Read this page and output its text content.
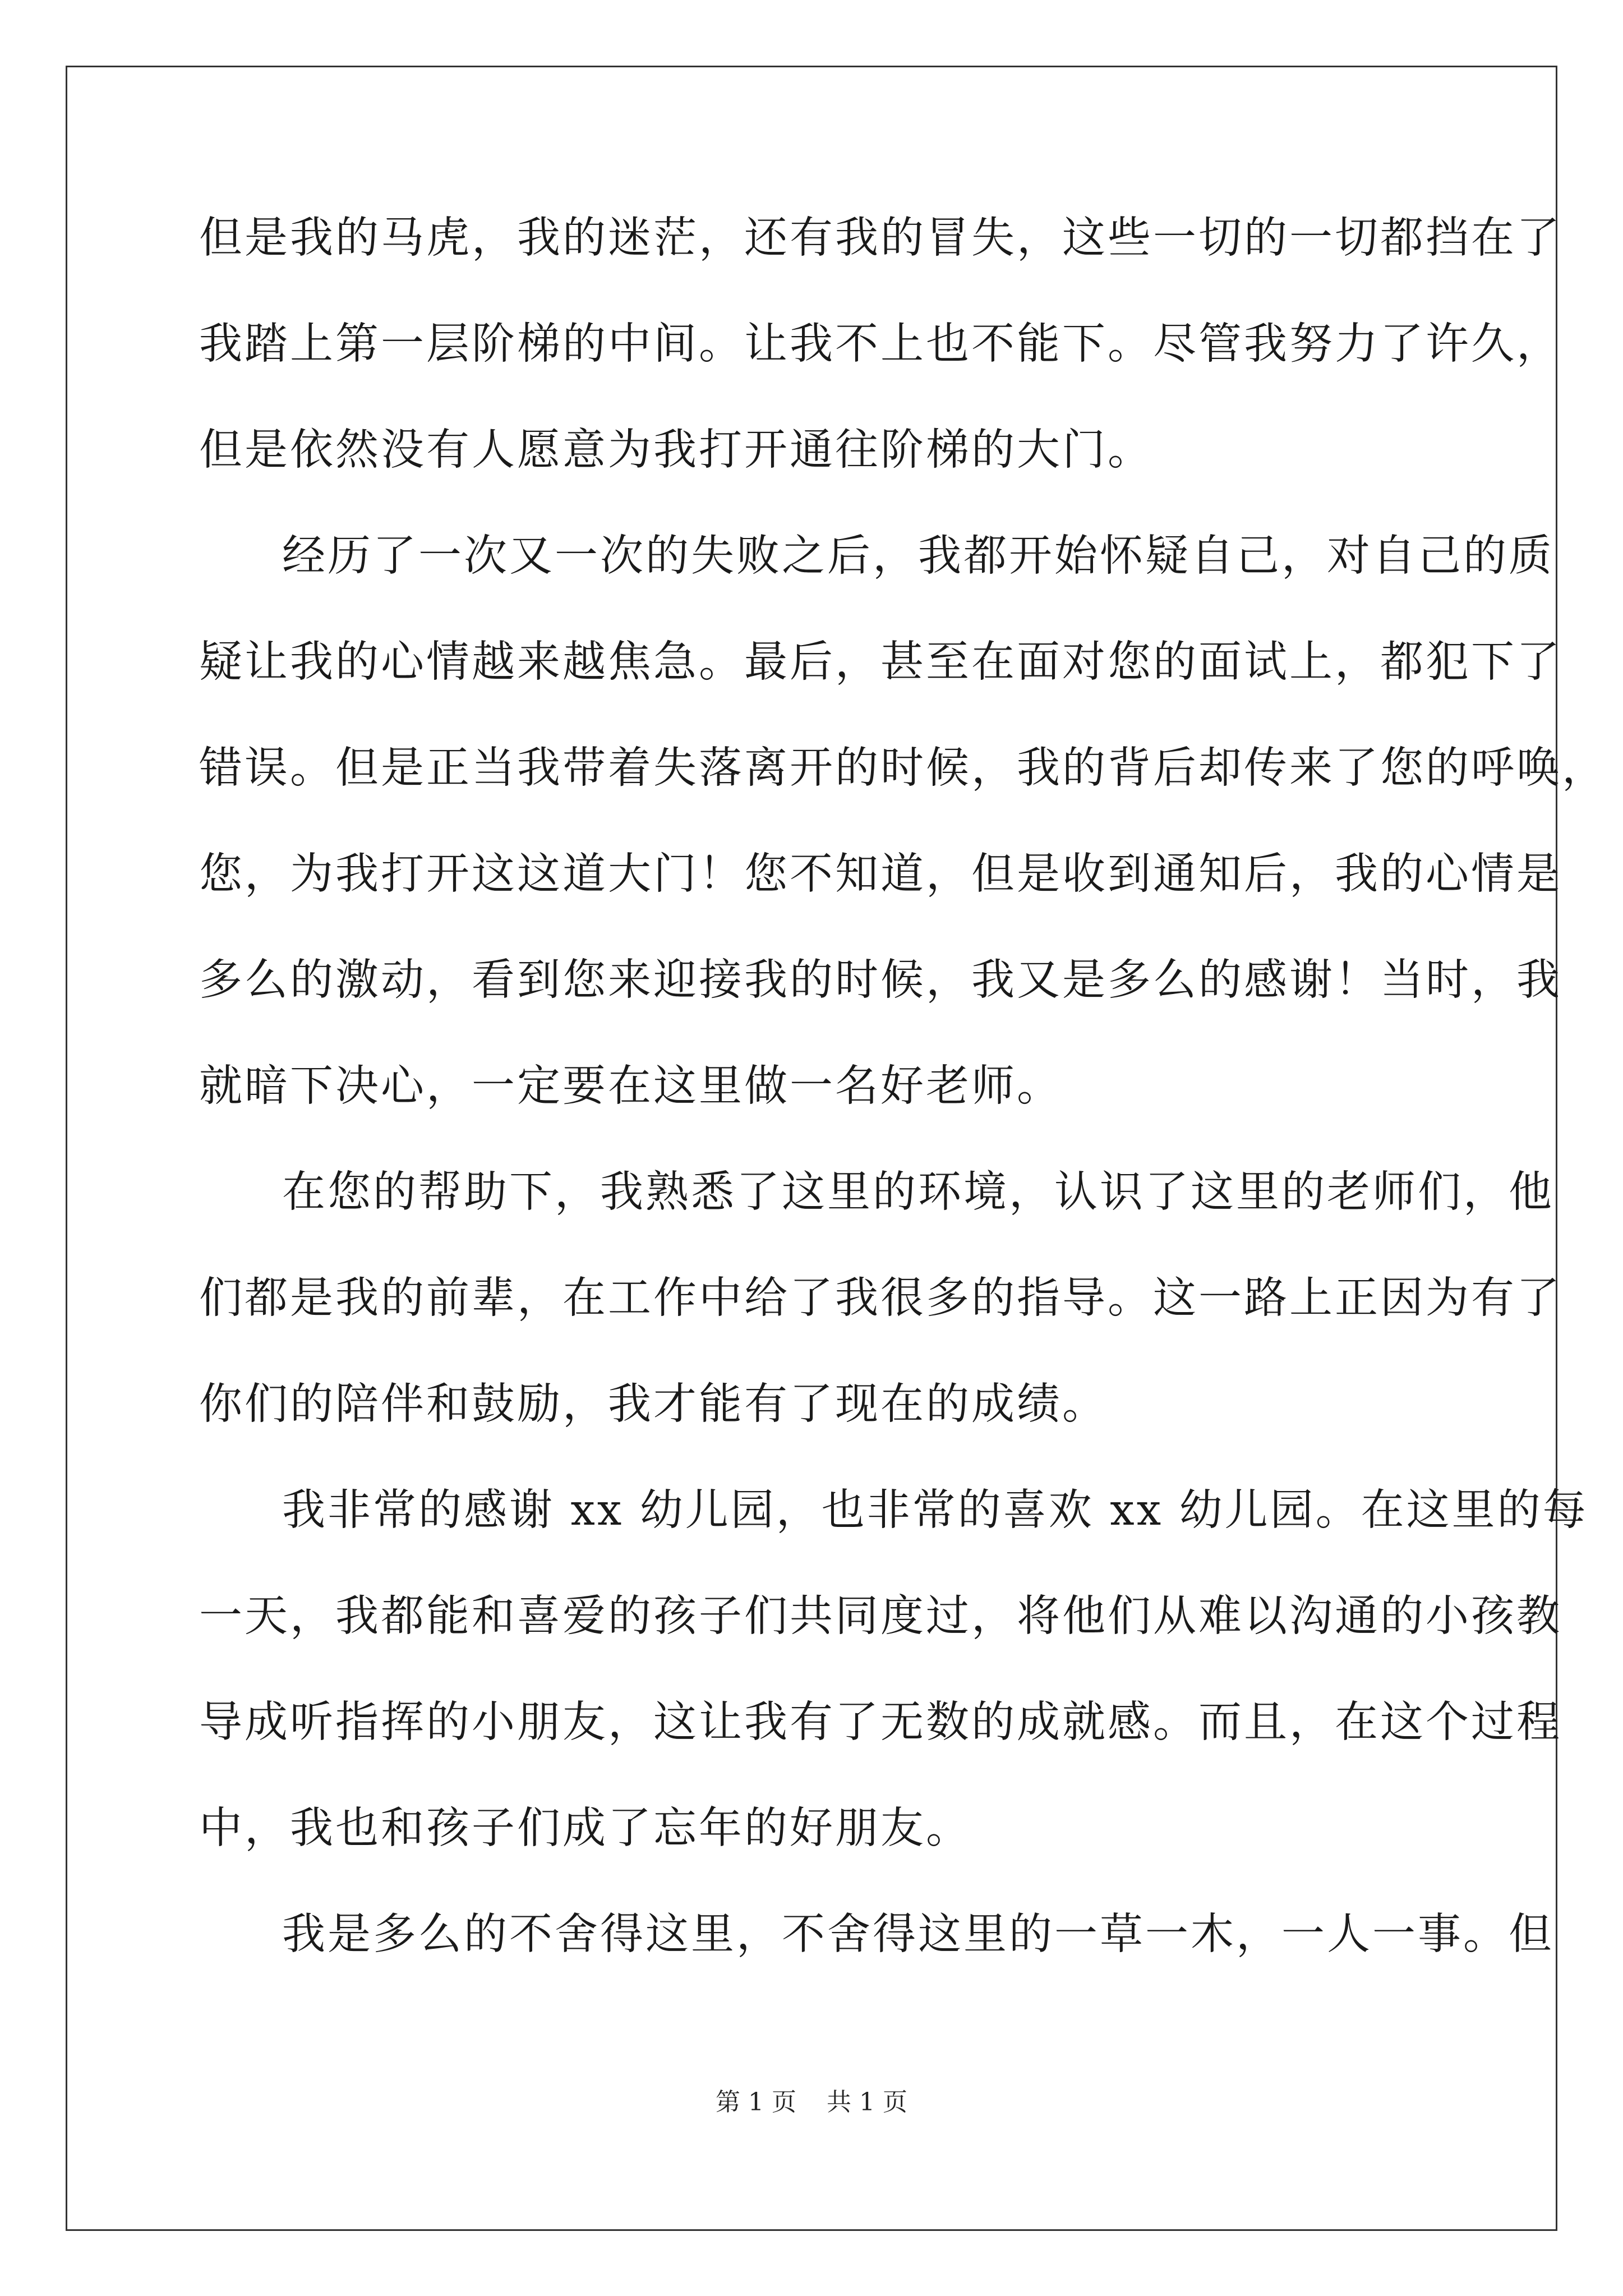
但是我的马虎，我的迷茫，还有我的冒失，这些一切的一切都挡在了
我踏上第一层阶梯的中间。让我不上也不能下。尽管我努力了许久，
但是依然没有人愿意为我打开通往阶梯的大门。
经历了一次又一次的失败之后，我都开始怀疑自己，对自己的质
疑让我的心情越来越焦急。最后，甚至在面对您的面试上，都犯下了
错误。但是正当我带着失落离开的时候，我的背后却传来了您的呼唤，
您，为我打开这这道大门！您不知道，但是收到通知后，我的心情是
多么的激动，看到您来迎接我的时候，我又是多么的感谢！当时，我
就暗下决心，一定要在这里做一名好老师。
在您的帮助下，我熟悉了这里的环境，认识了这里的老师们，他
们都是我的前辈，在工作中给了我很多的指导。这一路上正因为有了
你们的陪伴和鼓励，我才能有了现在的成绩。
我非常的感谢 xx 幼儿园，也非常的喜欢 xx 幼儿园。在这里的每
一天，我都能和喜爱的孩子们共同度过，将他们从难以沟通的小孩教
导成听指挥的小朋友，这让我有了无数的成就感。而且，在这个过程
中，我也和孩子们成了忘年的好朋友。
我是多么的不舍得这里，不舍得这里的一草一木，一人一事。但
第 1 页 共 1 页
